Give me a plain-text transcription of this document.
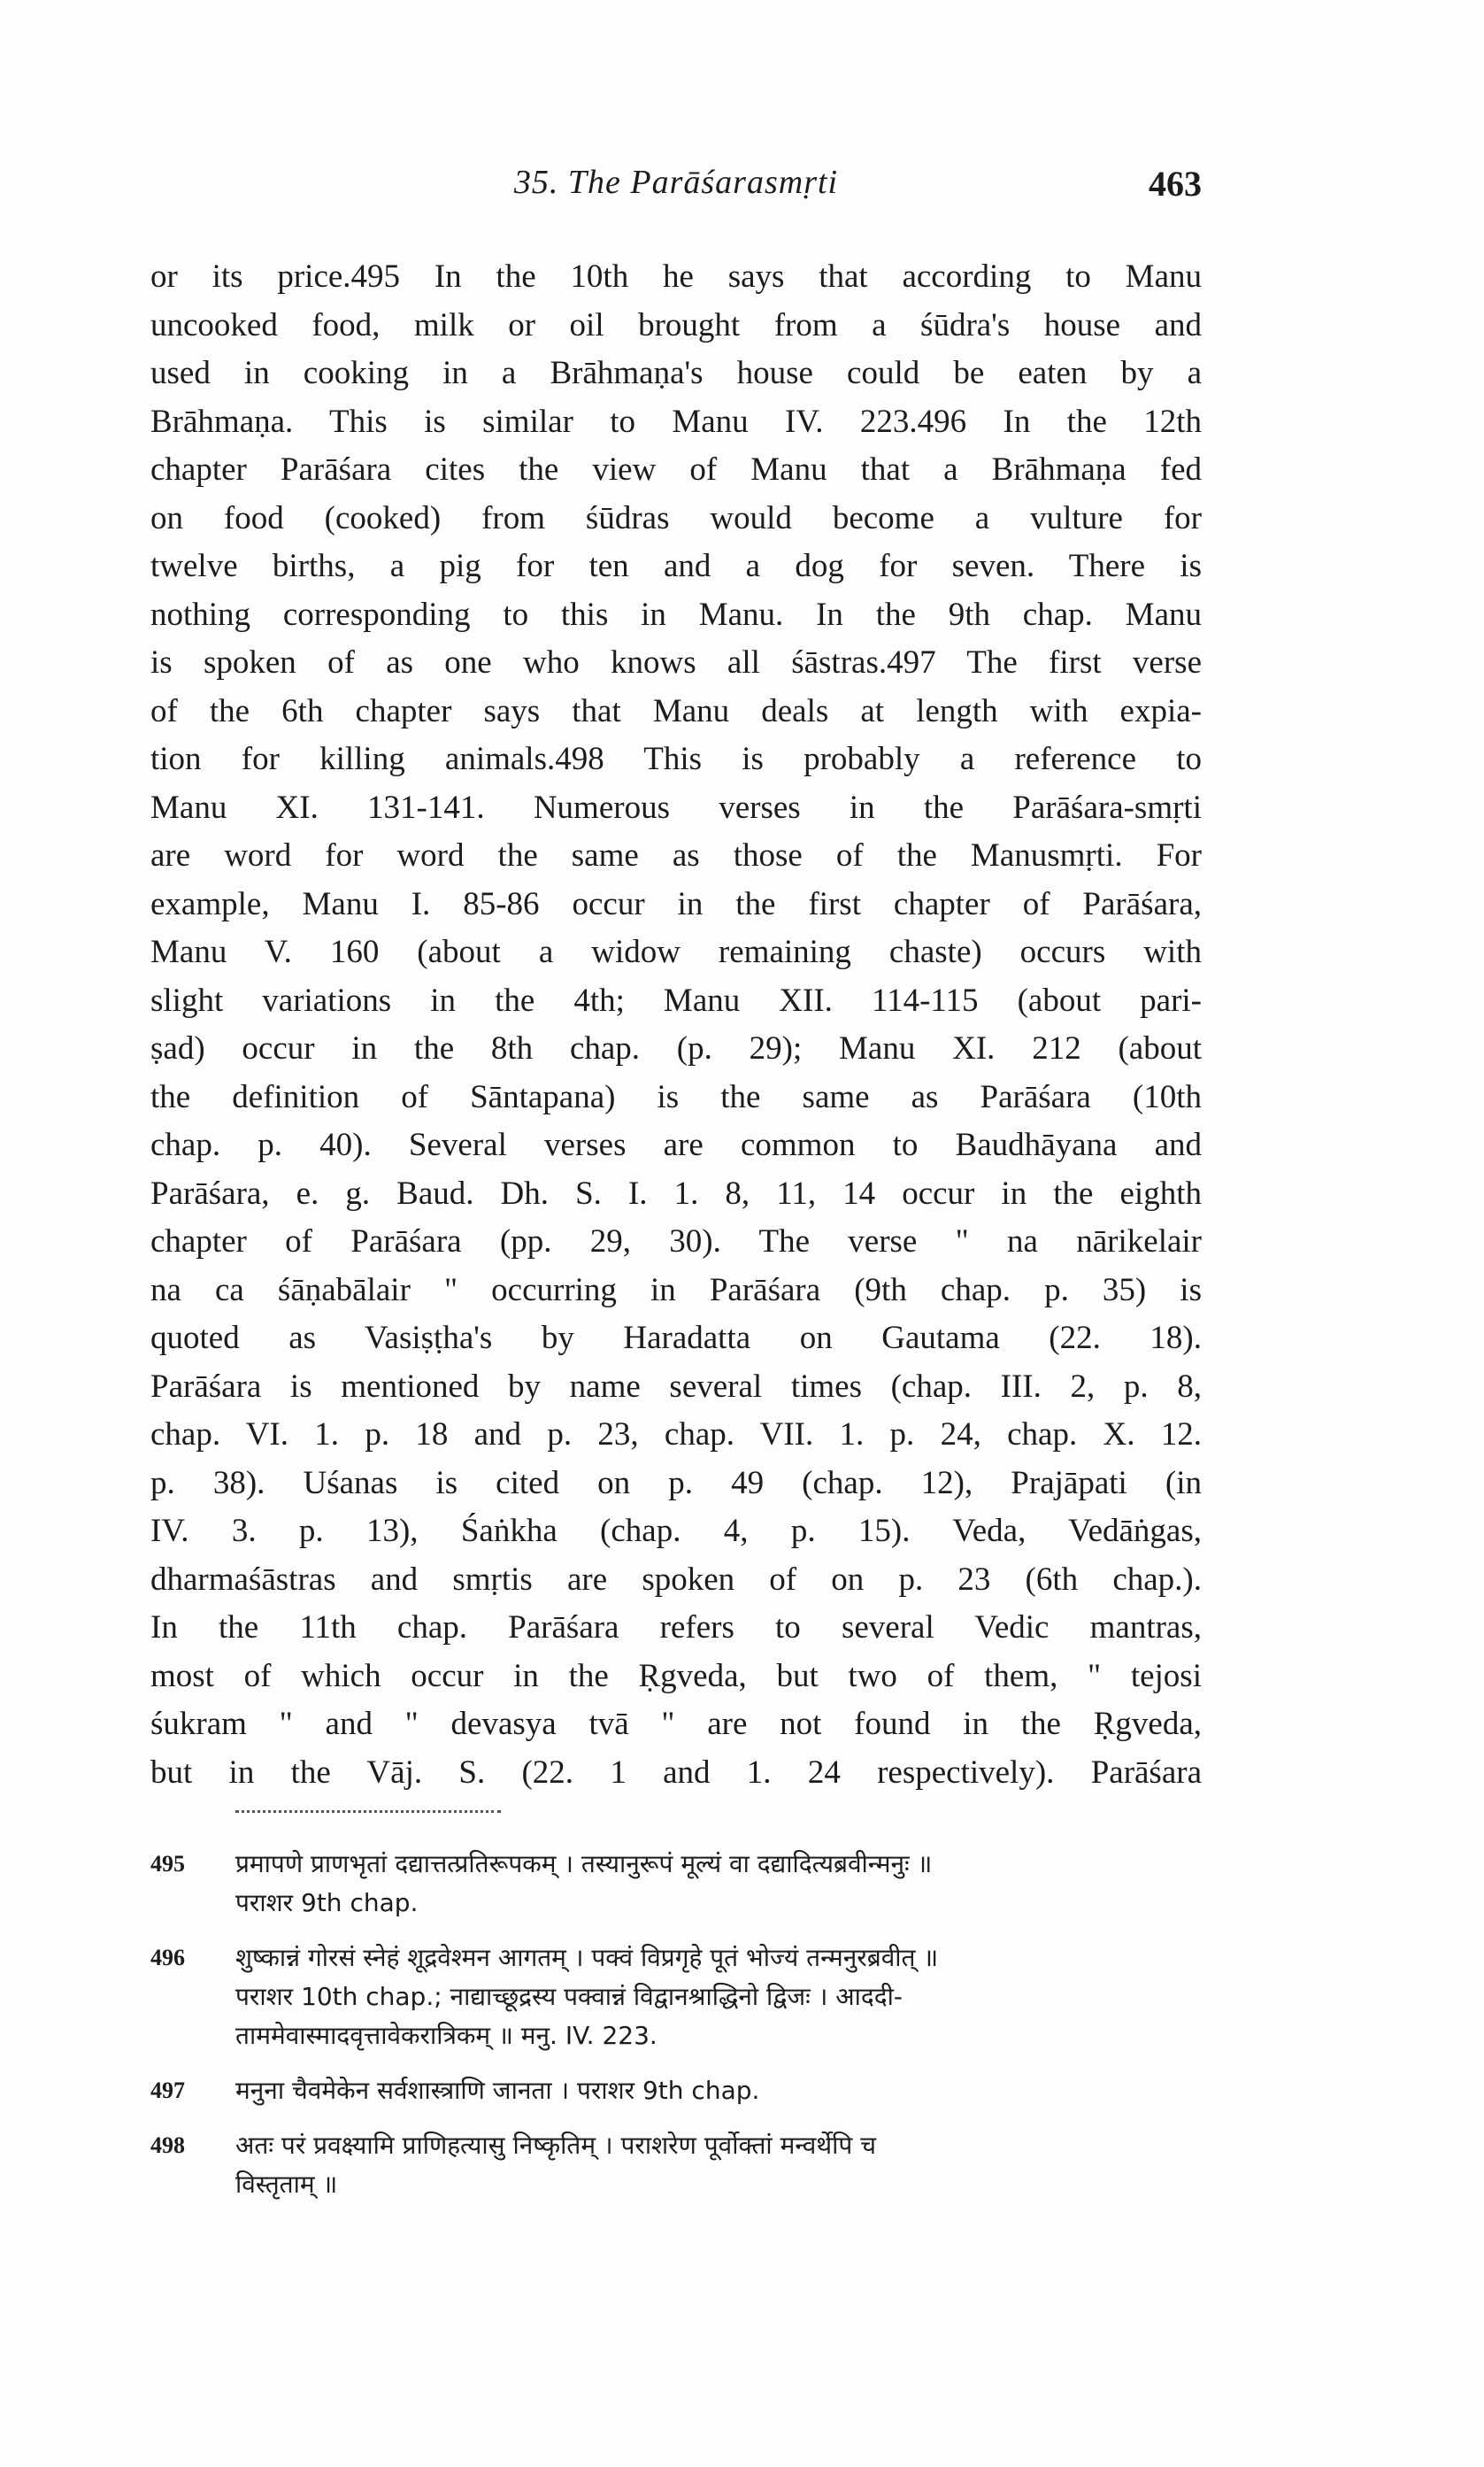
35. The Parāśarasmṛti	463
or its price.495 In the 10th he says that according to Manu
uncooked food, milk or oil brought from a śūdra's house and
used in cooking in a Brāhmaṇa's house could be eaten by a
Brāhmaṇa. This is similar to Manu IV. 223.496 In the 12th
chapter Parāśara cites the view of Manu that a Brāhmaṇa fed
on food (cooked) from śūdras would become a vulture for
twelve births, a pig for ten and a dog for seven. There is
nothing corresponding to this in Manu. In the 9th chap. Manu
is spoken of as one who knows all śāstras.497 The first verse
of the 6th chapter says that Manu deals at length with expia-
tion for killing animals.498 This is probably a reference to
Manu XI. 131-141. Numerous verses in the Parāśara-smṛti
are word for word the same as those of the Manusmṛti. For
example, Manu I. 85-86 occur in the first chapter of Parāśara,
Manu V. 160 (about a widow remaining chaste) occurs with
slight variations in the 4th; Manu XII. 114-115 (about pari-
ṣad) occur in the 8th chap. (p. 29); Manu XI. 212 (about
the definition of Sāntapana) is the same as Parāśara (10th
chap. p. 40). Several verses are common to Baudhāyana and
Parāśara, e. g. Baud. Dh. S. I. 1. 8, 11, 14 occur in the eighth
chapter of Parāśara (pp. 29, 30). The verse " na nārikelair
na ca śāṇabālair " occurring in Parāśara (9th chap. p. 35) is
quoted as Vasiṣṭha's by Haradatta on Gautama (22. 18).
Parāśara is mentioned by name several times (chap. III. 2, p. 8,
chap. VI. 1. p. 18 and p. 23, chap. VII. 1. p. 24, chap. X. 12.
p. 38). Uśanas is cited on p. 49 (chap. 12), Prajāpati (in
IV. 3. p. 13), Śaṅkha (chap. 4, p. 15). Veda, Vedāṅgas,
dharmaśāstras and smṛtis are spoken of on p. 23 (6th chap.).
In the 11th chap. Parāśara refers to several Vedic mantras,
most of which occur in the Ṛgveda, but two of them, " tejosi
śukram " and " devasya tvā " are not found in the Ṛgveda,
but in the Vāj. S. (22. 1 and 1. 24 respectively). Parāśara
495 प्रमापणे प्राणभृतां दद्यात्तत्प्रतिरूपकम् । तस्यानुरूपं मूल्यं वा दद्यादित्यब्रवीन्मनुः ॥
पराशर 9th chap.
496 शुष्कान्नं गोरसं स्नेहं शूद्रवेश्मन आगतम् । पक्वं विप्रगृहे पूतं भोज्यं तन्मनुरब्रवीत् ॥
पराशर 10th chap.; नाद्याच्छूद्रस्य पक्वान्नं विद्वानश्राद्धिनो द्विजः । आददी-
ताममेवास्मादवृत्तावेकरात्रिकम् ॥ मनु. IV. 223.
497 मनुना चैवमेकेन सर्वशास्त्राणि जानता । पराशर 9th chap.
498 अतः परं प्रवक्ष्यामि प्राणिहत्यासु निष्कृतिम् । पराशरेण पूर्वोक्तां मन्वर्थेपि च
विस्तृताम् ॥
